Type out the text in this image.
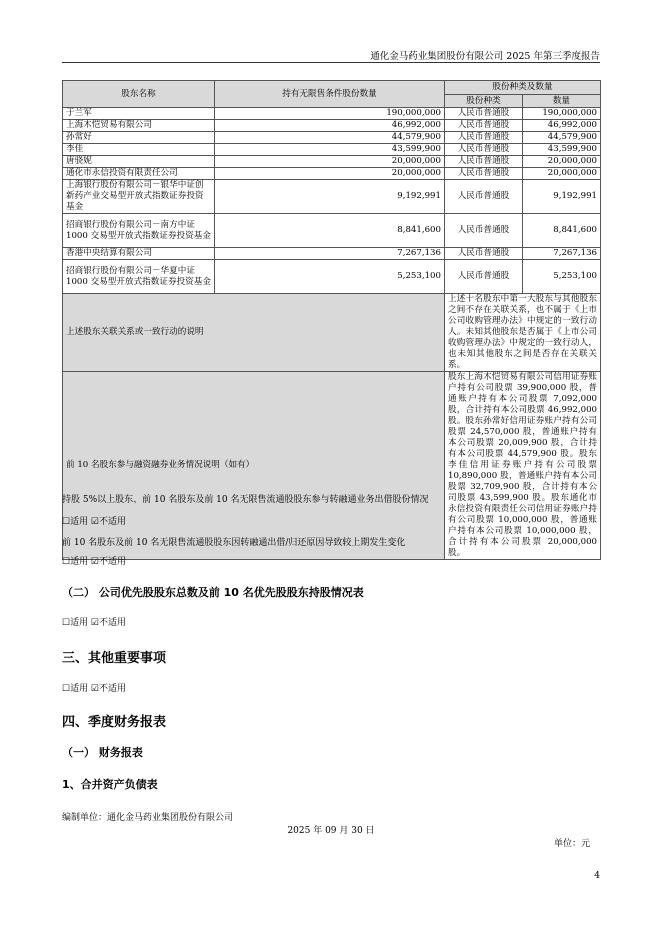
通化金马药业集团股份有限公司 2025 年第三季度报告
股东名称	持有无限售条件股份数量	股份种类及数量	
		股份种类	数量
于兰军	190,000,000	人民币普通股	190,000,000
上海木恺贸易有限公司	46,992,000	人民币普通股	46,992,000
孙常好	44,579,900	人民币普通股	44,579,900
李佳	43,599,900	人民币普通股	43,599,900
唐骁妮	20,000,000	人民币普通股	20,000,000
通化市永信投资有限责任公司	20,000,000	人民币普通股	20,000,000
上海银行股份有限公司－银华中证创新药产业交易型开放式指数证券投资基金	9,192,991	人民币普通股	9,192,991
招商银行股份有限公司－南方中证 1000 交易型开放式指数证券投资基金	8,841,600	人民币普通股	8,841,600
香港中央结算有限公司	7,267,136	人民币普通股	7,267,136
招商银行股份有限公司－华夏中证 1000 交易型开放式指数证券投资基金	5,253,100	人民币普通股	5,253,100
上述股东关联关系或一致行动的说明		上述十名股东中第一大股东与其他股东之间不存在关联关系，也不属于《上市公司收购管理办法》中规定的一致行动人。未知其他股东是否属于《上市公司收购管理办法》中规定的一致行动人，也未知其他股东之间是否存在关联关系。	
前 10 名股东参与融资融券业务情况说明（如有）		股东上海木恺贸易有限公司信用证券账户持有公司股票 39,900,000 股，普通账户持有本公司股票 7,092,000 股，合计持有本公司股票 46,992,000 股。股东孙常好信用证券账户持有公司股票 24,570,000 股，普通账户持有本公司股票 20,009,900 股，合计持有本公司股票 44,579,900 股。股东李佳信用证券账户持有公司股票 10,890,000 股，普通账户持有本公司股票 32,709,900 股，合计持有本公司股票 43,599,900 股。股东通化市永信投资有限责任公司信用证券账户持有公司股票 10,000,000 股，普通账户持有本公司股票 10,000,000 股，合计持有本公司股票 20,000,000 股。	
持股 5%以上股东、前 10 名股东及前 10 名无限售流通股股东参与转融通业务出借股份情况
☐适用 ☑不适用
前 10 名股东及前 10 名无限售流通股股东因转融通出借/归还原因导致较上期发生变化
☐适用 ☑不适用
（二） 公司优先股股东总数及前 10 名优先股股东持股情况表
☐适用 ☑不适用
三、其他重要事项
☐适用 ☑不适用
四、季度财务报表
（一） 财务报表
1、合并资产负债表
编制单位：通化金马药业集团股份有限公司
2025 年 09 月 30 日
单位：元
4
